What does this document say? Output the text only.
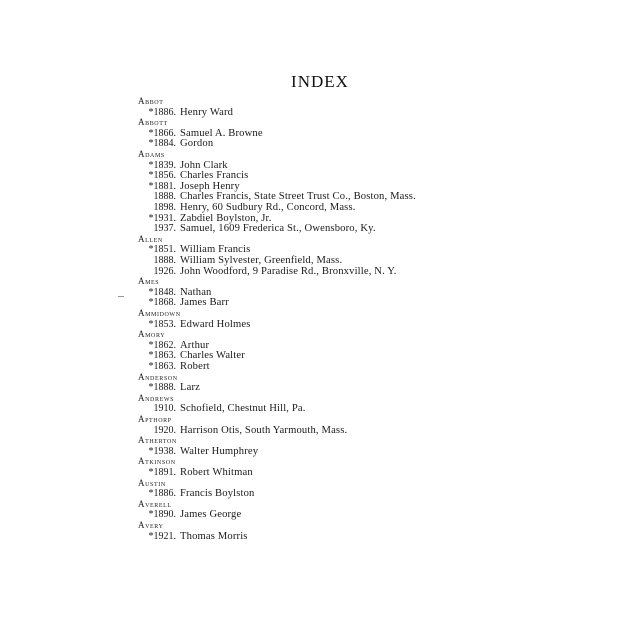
INDEX
Abbot
*1886. Henry Ward
Abbott
*1866. Samuel A. Browne
*1884. Gordon
Adams
*1839. John Clark
*1856. Charles Francis
*1881. Joseph Henry
1888. Charles Francis, State Street Trust Co., Boston, Mass.
1898. Henry, 60 Sudbury Rd., Concord, Mass.
*1931. Zabdiel Boylston, Jr.
1937. Samuel, 1609 Frederica St., Owensboro, Ky.
Allen
*1851. William Francis
1888. William Sylvester, Greenfield, Mass.
1926. John Woodford, 9 Paradise Rd., Bronxville, N. Y.
Ames
*1848. Nathan
*1868. James Barr
Ammidown
*1853. Edward Holmes
Amory
*1862. Arthur
*1863. Charles Walter
*1863. Robert
Anderson
*1888. Larz
Andrews
1910. Schofield, Chestnut Hill, Pa.
Apthorp
1920. Harrison Otis, South Yarmouth, Mass.
Atherton
*1938. Walter Humphrey
Atkinson
*1891. Robert Whitman
Austin
*1886. Francis Boylston
Averell
*1890. James George
Avery
*1921. Thomas Morris
